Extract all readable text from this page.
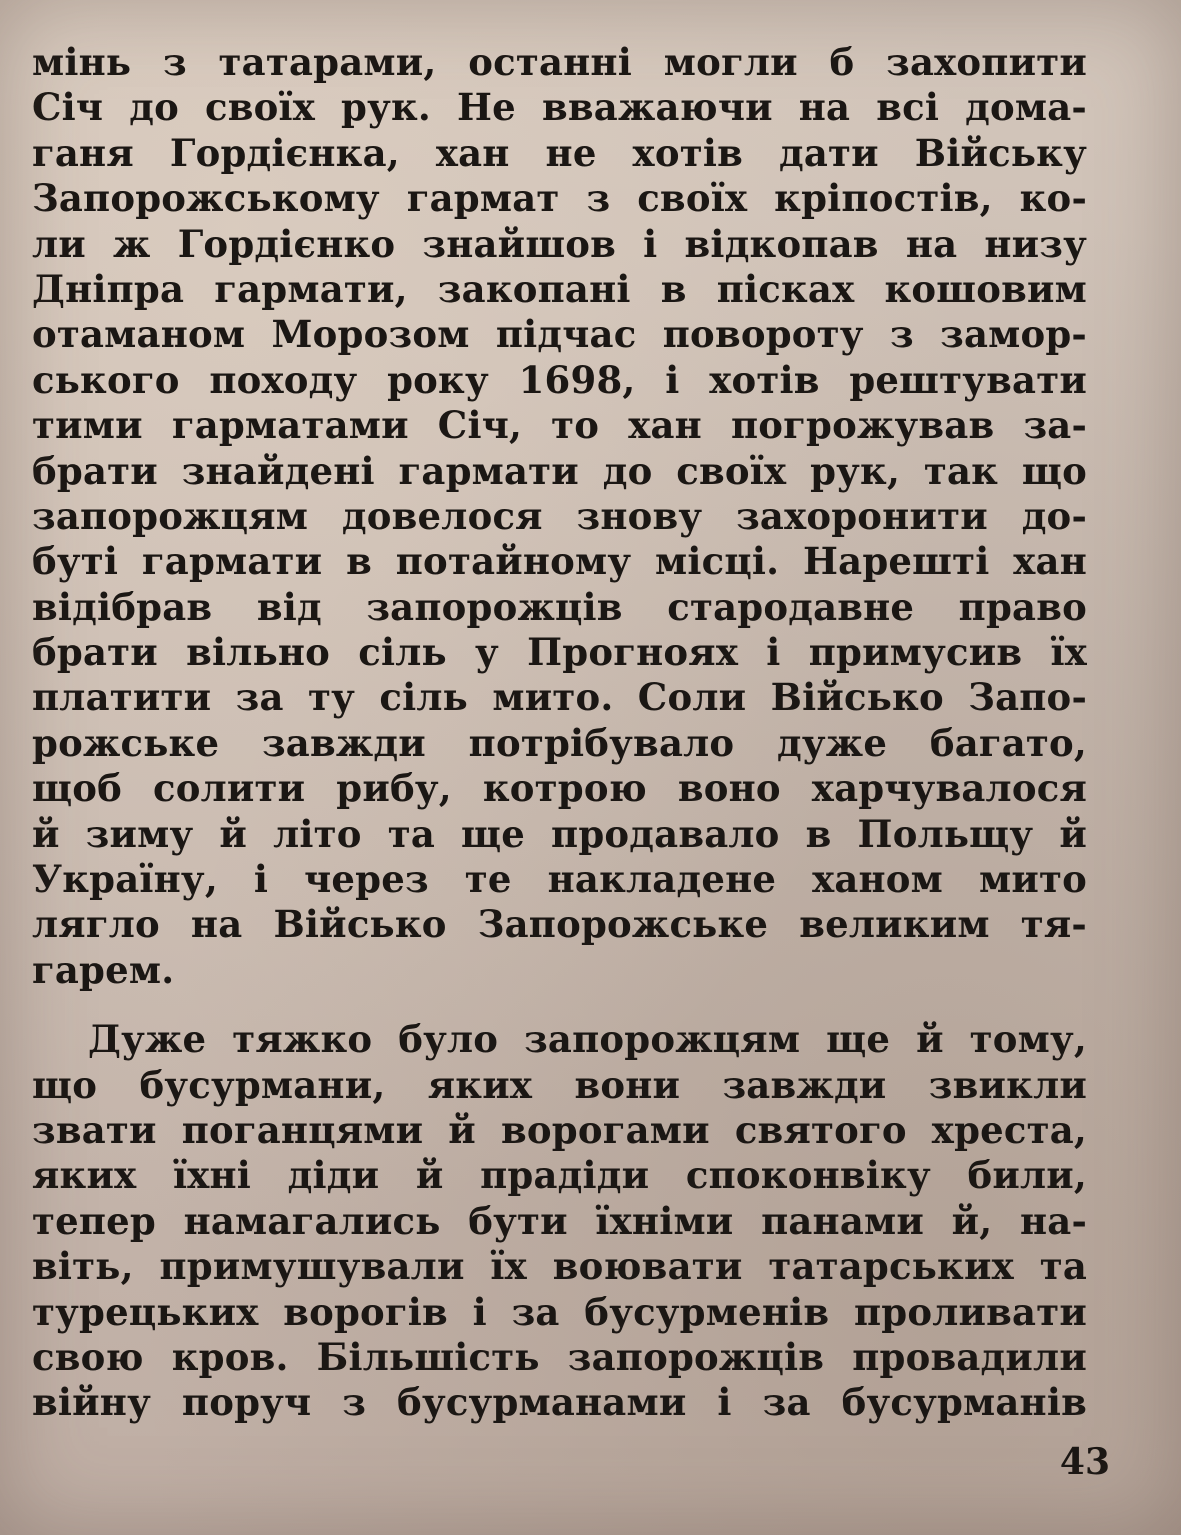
мінь з татарами, останні могли б захопити
Січ до своїх рук. Не вважаючи на всі дома-
ганя Гордієнка, хан не хотів дати Війську
Запорожському гармат з своїх кріпостів, ко-
ли ж Гордієнко знайшов і відкопав на низу
Дніпра гармати, закопані в пісках кошовим
отаманом Морозом підчас повороту з замор-
ського походу року 1698, і хотів рештувати
тими гарматами Січ, то хан погрожував за-
брати знайдені гармати до своїх рук, так що
запорожцям довелося знову захоронити до-
буті гармати в потайному місці. Нарешті хан
відібрав від запорожців стародавне право
брати вільно сіль у Прогноях і примусив їх
платити за ту сіль мито. Соли Військо Запо-
рожське завжди потрібувало дуже багато,
щоб солити рибу, котрою воно харчувалося
й зиму й літо та ще продавало в Польщу й
Україну, і через те накладене ханом мито
лягло на Військо Запорожське великим тя-
гарем.
Дуже тяжко було запорожцям ще й тому,
що бусурмани, яких вони завжди звикли
звати поганцями й ворогами святого хреста,
яких їхні діди й прадіди споконвіку били,
тепер намагались бути їхніми панами й, на-
віть, примушували їх воювати татарських та
турецьких ворогів і за бусурменів проливати
свою кров. Більшість запорожців провадили
війну поруч з бусурманами і за бусурманів
43
